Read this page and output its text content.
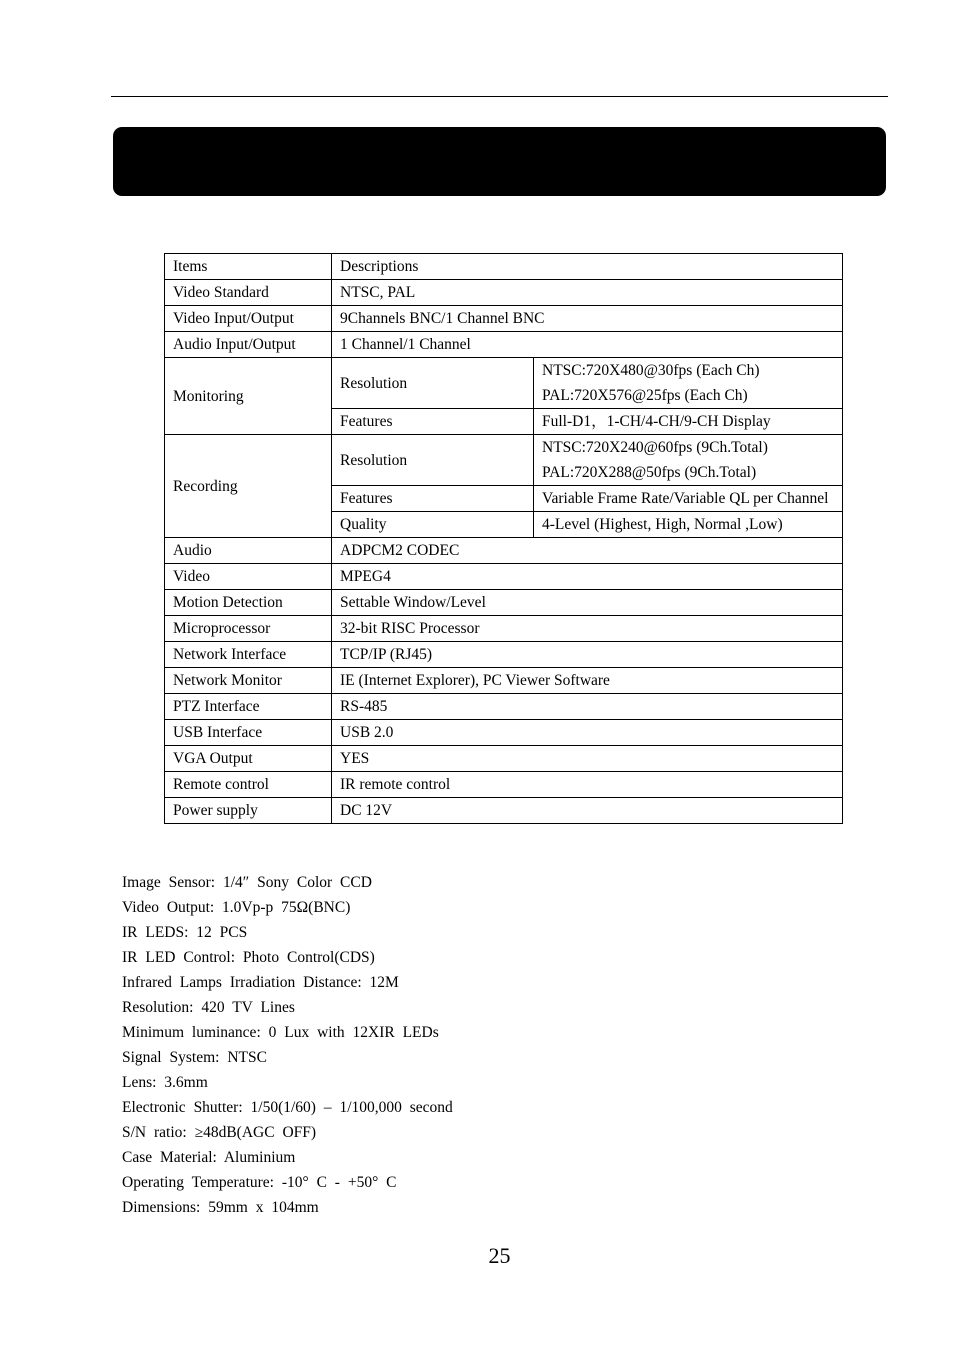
Items	Descriptions	
Video Standard	NTSC, PAL	
Video Input/Output	9Channels BNC/1 Channel BNC	
Audio Input/Output	1 Channel/1 Channel	
Monitoring	Resolution	NTSC:720X480@30fps (Each Ch)
PAL:720X576@25fps (Each Ch)

	Features	Full-D1，1-CH/4-CH/9-CH Display
Recording	Resolution	NTSC:720X240@60fps (9Ch.Total)
PAL:720X288@50fps (9Ch.Total)

	Features	Variable Frame Rate/Variable QL per Channel
	Quality	4-Level (Highest, High, Normal ,Low)
Audio	ADPCM2 CODEC	
Video	MPEG4	
Motion Detection	Settable Window/Level	
Microprocessor	32-bit RISC Processor	
Network Interface	TCP/IP (RJ45)	
Network Monitor	IE (Internet Explorer), PC Viewer Software	
PTZ Interface	RS-485	
USB Interface	USB 2.0	
VGA Output	YES	
Remote control	IR remote control	
Power supply	DC 12V	
Image Sensor: 1/4″ Sony Color CCD
Video Output: 1.0Vp-p 75Ω(BNC)
IR LEDS: 12 PCS
IR LED Control: Photo Control(CDS)
Infrared Lamps Irradiation Distance: 12M
Resolution: 420 TV Lines
Minimum luminance: 0 Lux with 12XIR LEDs
Signal System: NTSC
Lens: 3.6mm
Electronic Shutter: 1/50(1/60) – 1/100,000 second
S/N ratio: ≥48dB(AGC OFF)
Case Material: Aluminium
Operating Temperature: -10° C - +50° C
Dimensions: 59mm x 104mm
25
